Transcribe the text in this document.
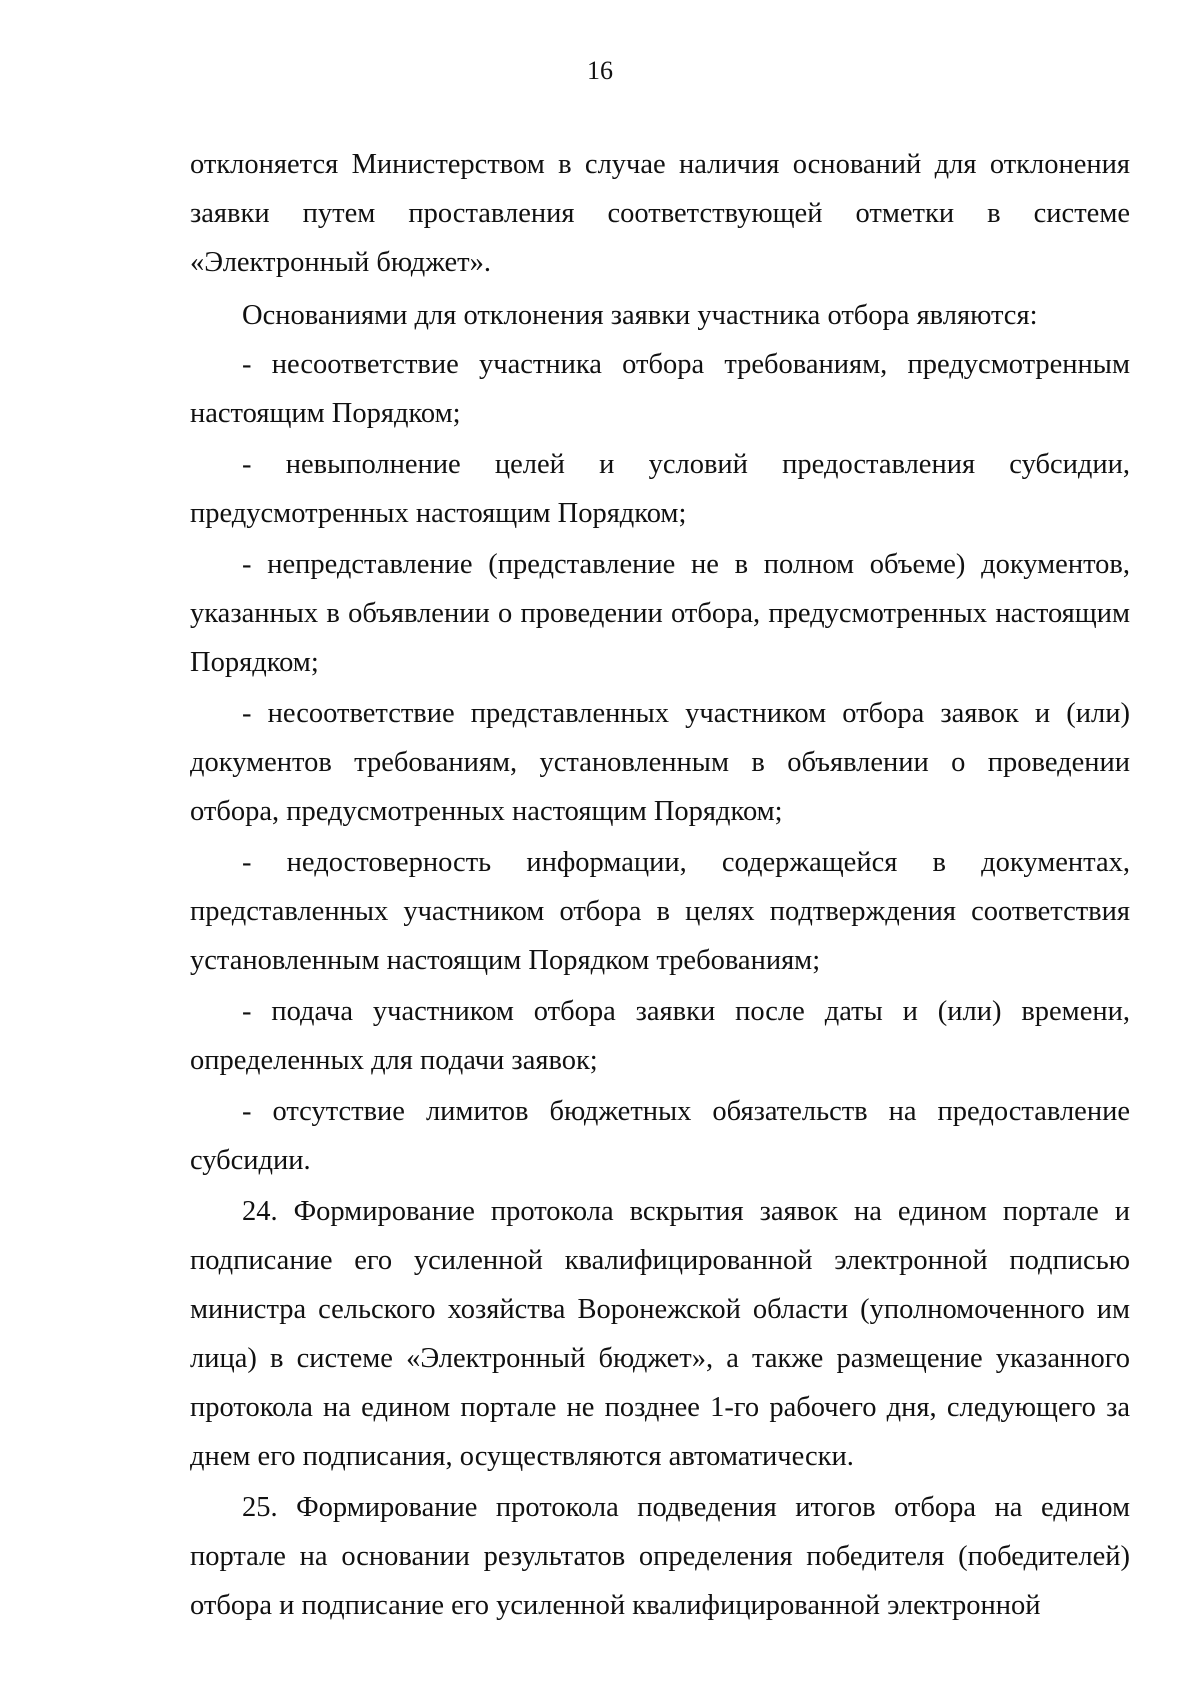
16

отклоняется Министерством в случае наличия оснований для отклонения заявки путем проставления соответствующей отметки в системе «Электронный бюджет».

Основаниями для отклонения заявки участника отбора являются:

- несоответствие участника отбора требованиям, предусмотренным настоящим Порядком;

- невыполнение целей и условий предоставления субсидии, предусмотренных настоящим Порядком;

- непредставление (представление не в полном объеме) документов, указанных в объявлении о проведении отбора, предусмотренных настоящим Порядком;

- несоответствие представленных участником отбора заявок и (или) документов требованиям, установленным в объявлении о проведении отбора, предусмотренных настоящим Порядком;

- недостоверность информации, содержащейся в документах, представленных участником отбора в целях подтверждения соответствия установленным настоящим Порядком требованиям;

- подача участником отбора заявки после даты и (или) времени, определенных для подачи заявок;

- отсутствие лимитов бюджетных обязательств на предоставление субсидии.

24. Формирование протокола вскрытия заявок на едином портале и подписание его усиленной квалифицированной электронной подписью министра сельского хозяйства Воронежской области (уполномоченного им лица) в системе «Электронный бюджет», а также размещение указанного протокола на едином портале не позднее 1-го рабочего дня, следующего за днем его подписания, осуществляются автоматически.

25. Формирование протокола подведения итогов отбора на едином портале на основании результатов определения победителя (победителей) отбора и подписание его усиленной квалифицированной электронной
